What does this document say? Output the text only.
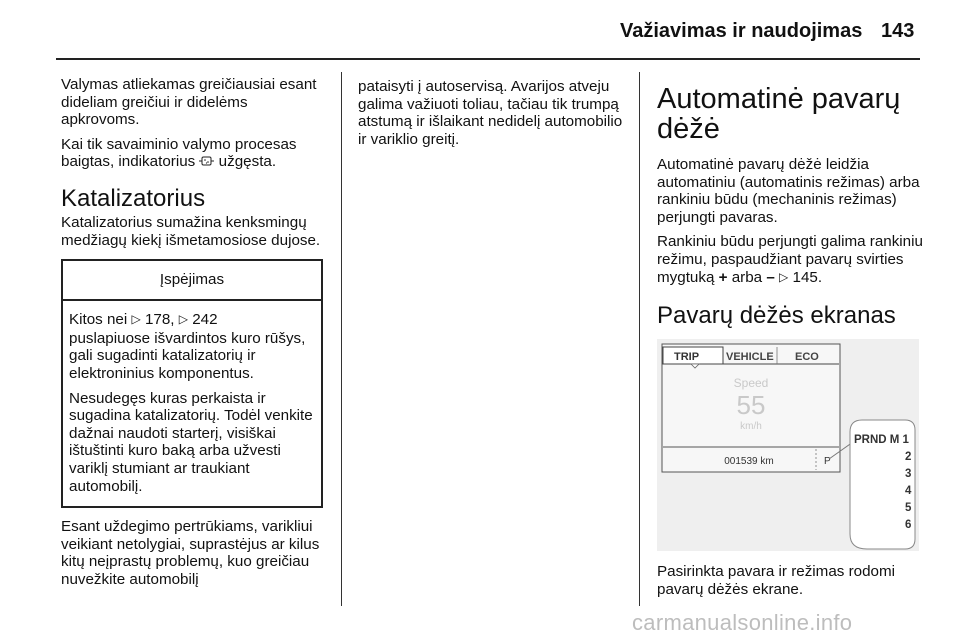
Važiavimas ir naudojimas 143

Valymas atliekamas greičiausiai esant dideliam greičiui ir didelėms apkrovoms.

Kai tik savaiminio valymo procesas baigtas, indikatorius  užgęsta.

Katalizatorius

Katalizatorius sumažina kenksmingų medžiagų kiekį išmetamosiose dujose.

Įspėjimas

Kitos nei ▷ 178, ▷ 242
puslapiuose išvardintos kuro rūšys, gali sugadinti katalizatorių ir elektroninius komponentus.

Nesudegęs kuras perkaista ir sugadina katalizatorių. Todėl venkite dažnai naudoti starterį, visiškai ištuštinti kuro baką arba užvesti variklį stumiant ar traukiant automobilį.

Esant uždegimo pertrūkiams, varikliui veikiant netolygiai, suprastėjus ar kilus kitų neįprastų problemų, kuo greičiau nuvežkite automobilį

pataisyti į autoservisą. Avarijos atveju galima važiuoti toliau, tačiau tik trumpą atstumą ir išlaikant nedidelį automobilio ir variklio greitį.

Automatinė pavarų dėžė

Automatinė pavarų dėžė leidžia automatiniu (automatinis režimas) arba rankiniu būdu (mechaninis režimas) perjungti pavaras.

Rankiniu būdu perjungti galima rankiniu režimu, paspaudžiant pavarų svirties mygtuką + arba – ▷ 145.

Pavarų dėžės ekranas
TRIP VEHICLE ECO
Speed
55
km/h
001539 km	P
PRND M 1
2
3
4
5
6

Pasirinkta pavara ir režimas rodomi pavarų dėžės ekrane.

carmanualsonline.info
